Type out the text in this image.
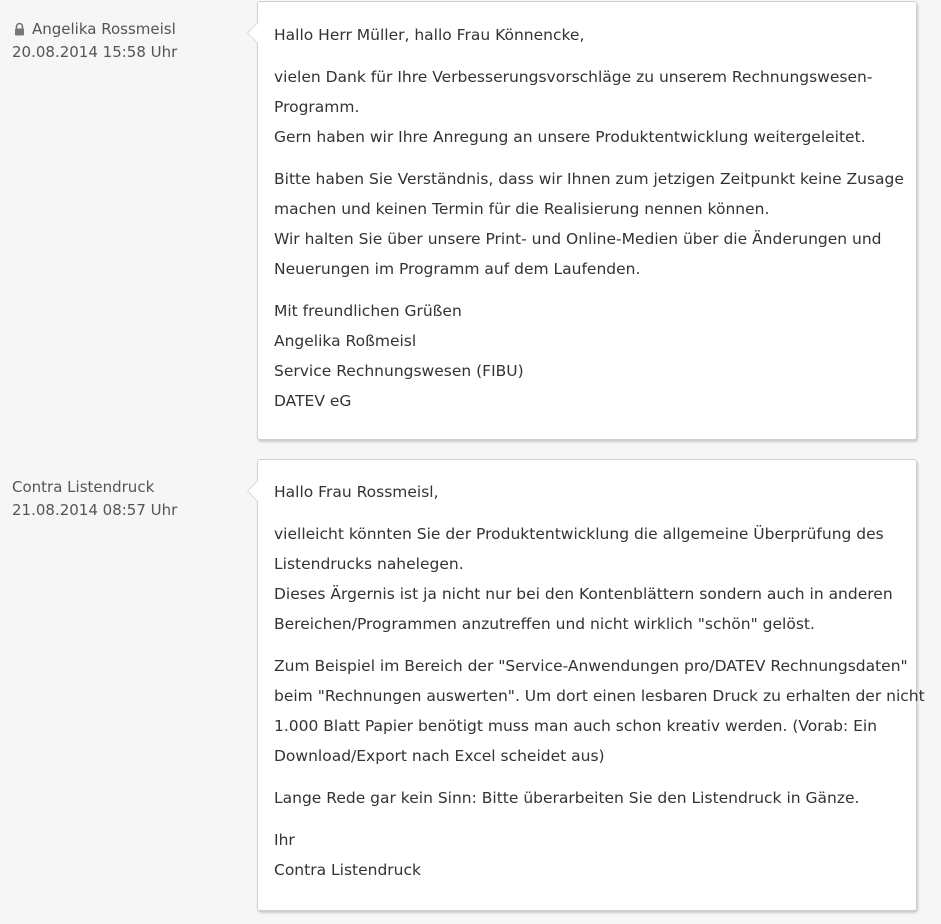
Angelika Rossmeisl
20.08.2014 15:58 Uhr

Hallo Herr Müller, hallo Frau Könnencke,

vielen Dank für Ihre Verbesserungsvorschläge zu unserem Rechnungswesen-
Programm.
Gern haben wir Ihre Anregung an unsere Produktentwicklung weitergeleitet.

Bitte haben Sie Verständnis, dass wir Ihnen zum jetzigen Zeitpunkt keine Zusage
machen und keinen Termin für die Realisierung nennen können.
Wir halten Sie über unsere Print- und Online-Medien über die Änderungen und
Neuerungen im Programm auf dem Laufenden.

Mit freundlichen Grüßen
Angelika Roßmeisl
Service Rechnungswesen (FIBU)
DATEV eG

Contra Listendruck
21.08.2014 08:57 Uhr

Hallo Frau Rossmeisl,

vielleicht könnten Sie der Produktentwicklung die allgemeine Überprüfung des
Listendrucks nahelegen.
Dieses Ärgernis ist ja nicht nur bei den Kontenblättern sondern auch in anderen
Bereichen/Programmen anzutreffen und nicht wirklich "schön" gelöst.

Zum Beispiel im Bereich der "Service-Anwendungen pro/DATEV Rechnungsdaten"
beim "Rechnungen auswerten". Um dort einen lesbaren Druck zu erhalten der nicht
1.000 Blatt Papier benötigt muss man auch schon kreativ werden. (Vorab: Ein
Download/Export nach Excel scheidet aus)

Lange Rede gar kein Sinn: Bitte überarbeiten Sie den Listendruck in Gänze.

Ihr
Contra Listendruck
